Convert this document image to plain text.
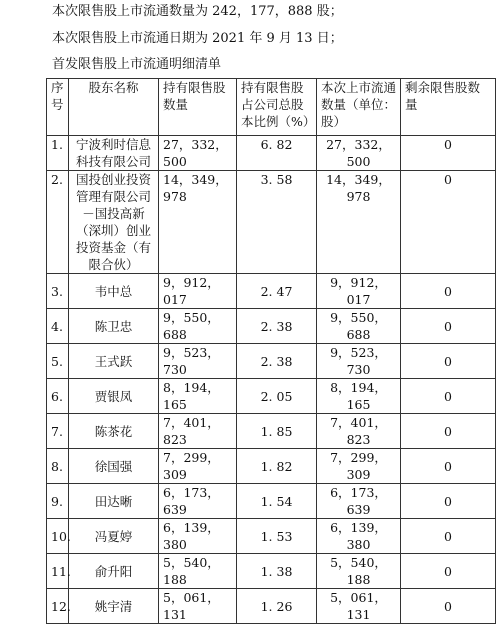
本次限售股上市流通数量为 242，177，888 股；
本次限售股上市流通日期为 2021 年 9 月 13 日；
首发限售股上市流通明细清单
序号	股东名称	持有限售股数量	持有限售股占公司总股本比例（%）	本次上市流通数量（单位：股）	剩余限售股数量
1.	宁波利时信息科技有限公司	27，332，500	6. 82	27，332，500	0
2.	国投创业投资管理有限公司－国投高新（深圳）创业投资基金（有限合伙）	14，349，978	3. 58	14，349，978	0
3.	韦中总	9，912，017	2. 47	9，912，017	0
4.	陈卫忠	9，550，688	2. 38	9，550，688	0
5.	王式跃	9，523，730	2. 38	9，523，730	0
6.	贾银凤	8，194，165	2. 05	8，194，165	0
7.	陈茶花	7，401，823	1. 85	7，401，823	0
8.	徐国强	7，299，309	1. 82	7，299，309	0
9.	田达晰	6，173，639	1. 54	6，173，639	0
10.	冯夏婷	6，139，380	1. 53	6，139，380	0
11.	俞升阳	5，540，188	1. 38	5，540，188	0
12.	姚宇清	5，061，131	1. 26	5，061，131	0
